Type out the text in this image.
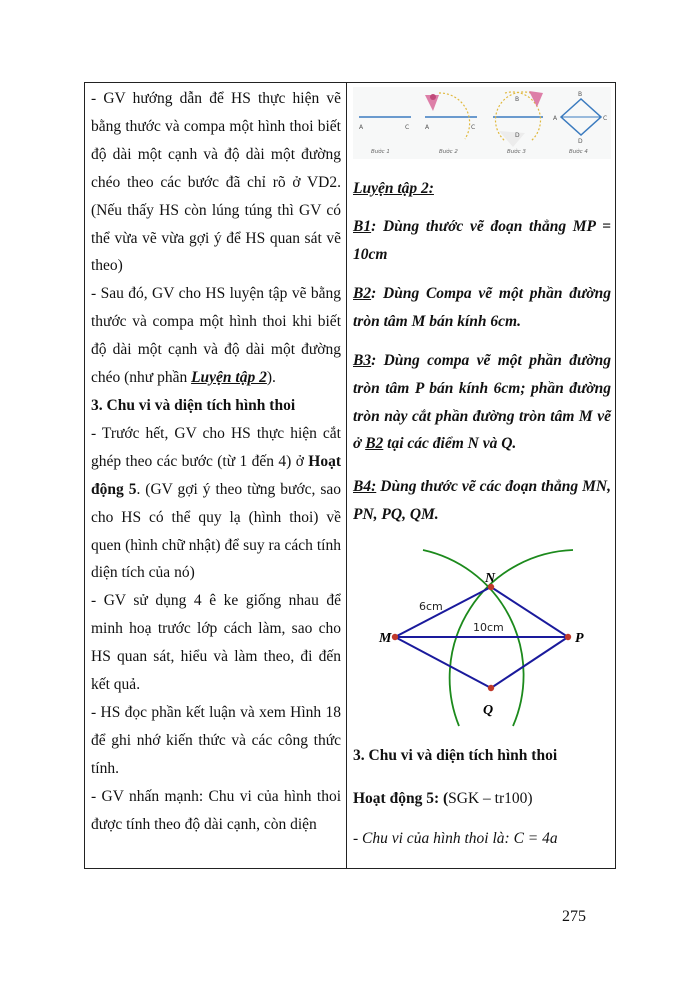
- GV hướng dẫn để HS thực hiện vẽ bằng thước và compa một hình thoi biết độ dài một cạnh và độ dài một đường chéo theo các bước đã chỉ rõ ở VD2. (Nếu thấy HS còn lúng túng thì GV có thể vừa vẽ vừa gợi ý để HS quan sát vẽ theo)

- Sau đó, GV cho HS luyện tập vẽ bằng thước và compa một hình thoi khi biết độ dài một cạnh và độ dài một đường chéo (như phần Luyện tập 2).

3. Chu vi và diện tích hình thoi

- Trước hết, GV cho HS thực hiện cắt ghép theo các bước (từ 1 đến 4) ở Hoạt động 5. (GV gợi ý theo từng bước, sao cho HS có thể quy lạ (hình thoi) về quen (hình chữ nhật) để suy ra cách tính diện tích của nó)

- GV sử dụng 4 ê ke giống nhau để minh hoạ trước lớp cách làm, sao cho HS quan sát, hiểu và làm theo, đi đến kết quả.

- HS đọc phần kết luận và xem Hình 18 để ghi nhớ kiến thức và các công thức tính.

- GV nhấn mạnh: Chu vi của hình thoi được tính theo độ dài cạnh, còn diện

A	C
Bước 1
A	C
Bước 2
B
D
Bước 3
B
D
A	C
Bước 4

Luyện tập 2:

B1: Dùng thước vẽ đoạn thẳng MP = 10cm

B2: Dùng Compa vẽ một phần đường tròn tâm M bán kính 6cm.

B3: Dùng compa vẽ một phần đường tròn tâm P bán kính 6cm; phần đường tròn này cắt phần đường tròn tâm M vẽ ở B2 tại các điểm N và Q.

B4: Dùng thước vẽ các đoạn thẳng MN, PN, PQ, QM.

M
N
P
Q
6cm
10cm

3. Chu vi và diện tích hình thoi

Hoạt động 5: (SGK – tr100)

- Chu vi của hình thoi là: C = 4a

275
